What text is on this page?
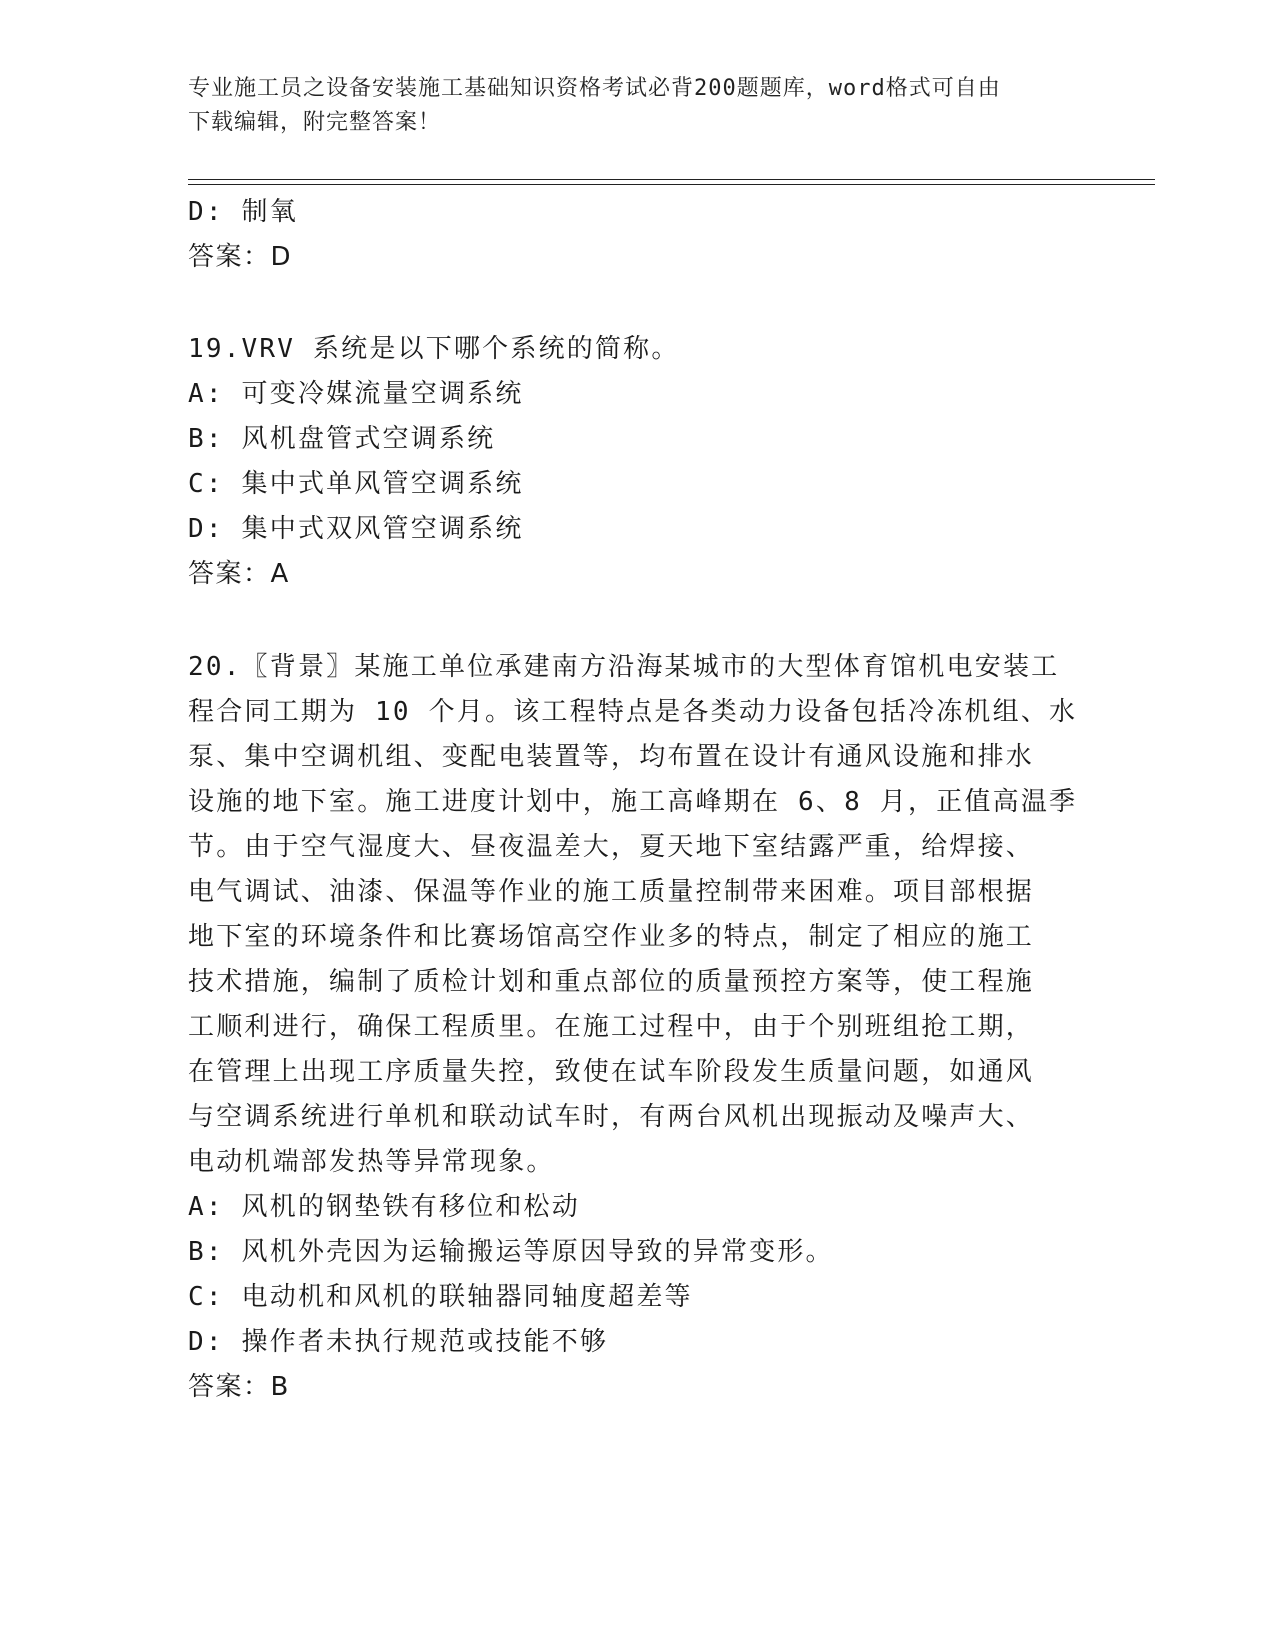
专业施工员之设备安装施工基础知识资格考试必背200题题库，word格式可自由
下载编辑，附完整答案！
D: 制氧
答案：D
19.VRV 系统是以下哪个系统的简称。
A: 可变冷媒流量空调系统
B: 风机盘管式空调系统
C: 集中式单风管空调系统
D: 集中式双风管空调系统
答案：A
20.〖背景〗某施工单位承建南方沿海某城市的大型体育馆机电安装工
程合同工期为 10 个月。该工程特点是各类动力设备包括冷冻机组、水
泵、集中空调机组、变配电装置等，均布置在设计有通风设施和排水
设施的地下室。施工进度计划中，施工高峰期在 6、8 月，正值高温季
节。由于空气湿度大、昼夜温差大，夏天地下室结露严重，给焊接、
电气调试、油漆、保温等作业的施工质量控制带来困难。项目部根据
地下室的环境条件和比赛场馆高空作业多的特点，制定了相应的施工
技术措施，编制了质检计划和重点部位的质量预控方案等，使工程施
工顺利进行，确保工程质里。在施工过程中，由于个别班组抢工期，
在管理上出现工序质量失控，致使在试车阶段发生质量问题，如通风
与空调系统进行单机和联动试车时，有两台风机出现振动及噪声大、
电动机端部发热等异常现象。
A: 风机的钢垫铁有移位和松动
B: 风机外壳因为运输搬运等原因导致的异常变形。
C: 电动机和风机的联轴器同轴度超差等
D: 操作者未执行规范或技能不够
答案：B
